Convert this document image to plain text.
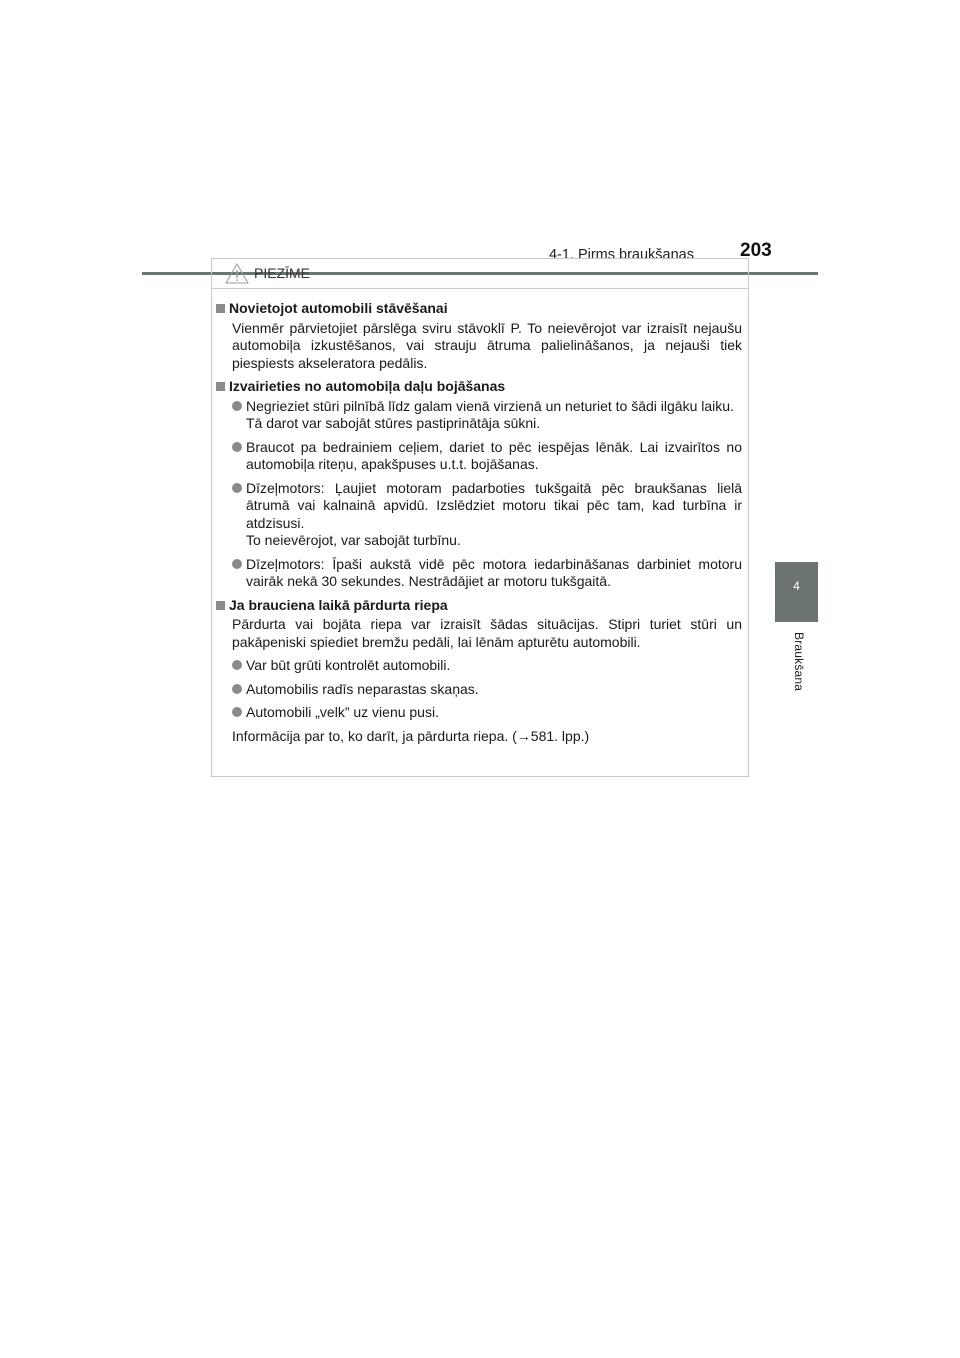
4-1. Pirms braukšanas 203
4
Braukšana
PIEZĪME
Novietojot automobili stāvēšanai
Vienmēr pārvietojiet pārslēga sviru stāvoklī P. To neievērojot var izraisīt nejaušu automobiļa izkustēšanos, vai strauju ātruma palielināšanos, ja nejauši tiek piespiests akseleratora pedālis.
Izvairieties no automobiļa daļu bojāšanas
Negrieziet stūri pilnībā līdz galam vienā virzienā un neturiet to šādi ilgāku laiku.
Tā darot var sabojāt stūres pastiprinātāja sūkni.
Braucot pa bedrainiem ceļiem, dariet to pēc iespējas lēnāk. Lai izvairītos no automobiļa riteņu, apakšpuses u.t.t. bojāšanas.
Dīzeļmotors: Ļaujiet motoram padarboties tukšgaitā pēc braukšanas lielā ātrumā vai kalnainā apvidū. Izslēdziet motoru tikai pēc tam, kad turbīna ir atdzisusi.
To neievērojot, var sabojāt turbīnu.
Dīzeļmotors: Īpaši aukstā vidē pēc motora iedarbināšanas darbiniet motoru vairāk nekā 30 sekundes. Nestrādājiet ar motoru tukšgaitā.
Ja brauciena laikā pārdurta riepa
Pārdurta vai bojāta riepa var izraisīt šādas situācijas. Stipri turiet stūri un pakāpeniski spiediet bremžu pedāli, lai lēnām apturētu automobili.
Var būt grūti kontrolēt automobili.
Automobilis radīs neparastas skaņas.
Automobili „velk” uz vienu pusi.
Informācija par to, ko darīt, ja pārdurta riepa. (→581. lpp.)
